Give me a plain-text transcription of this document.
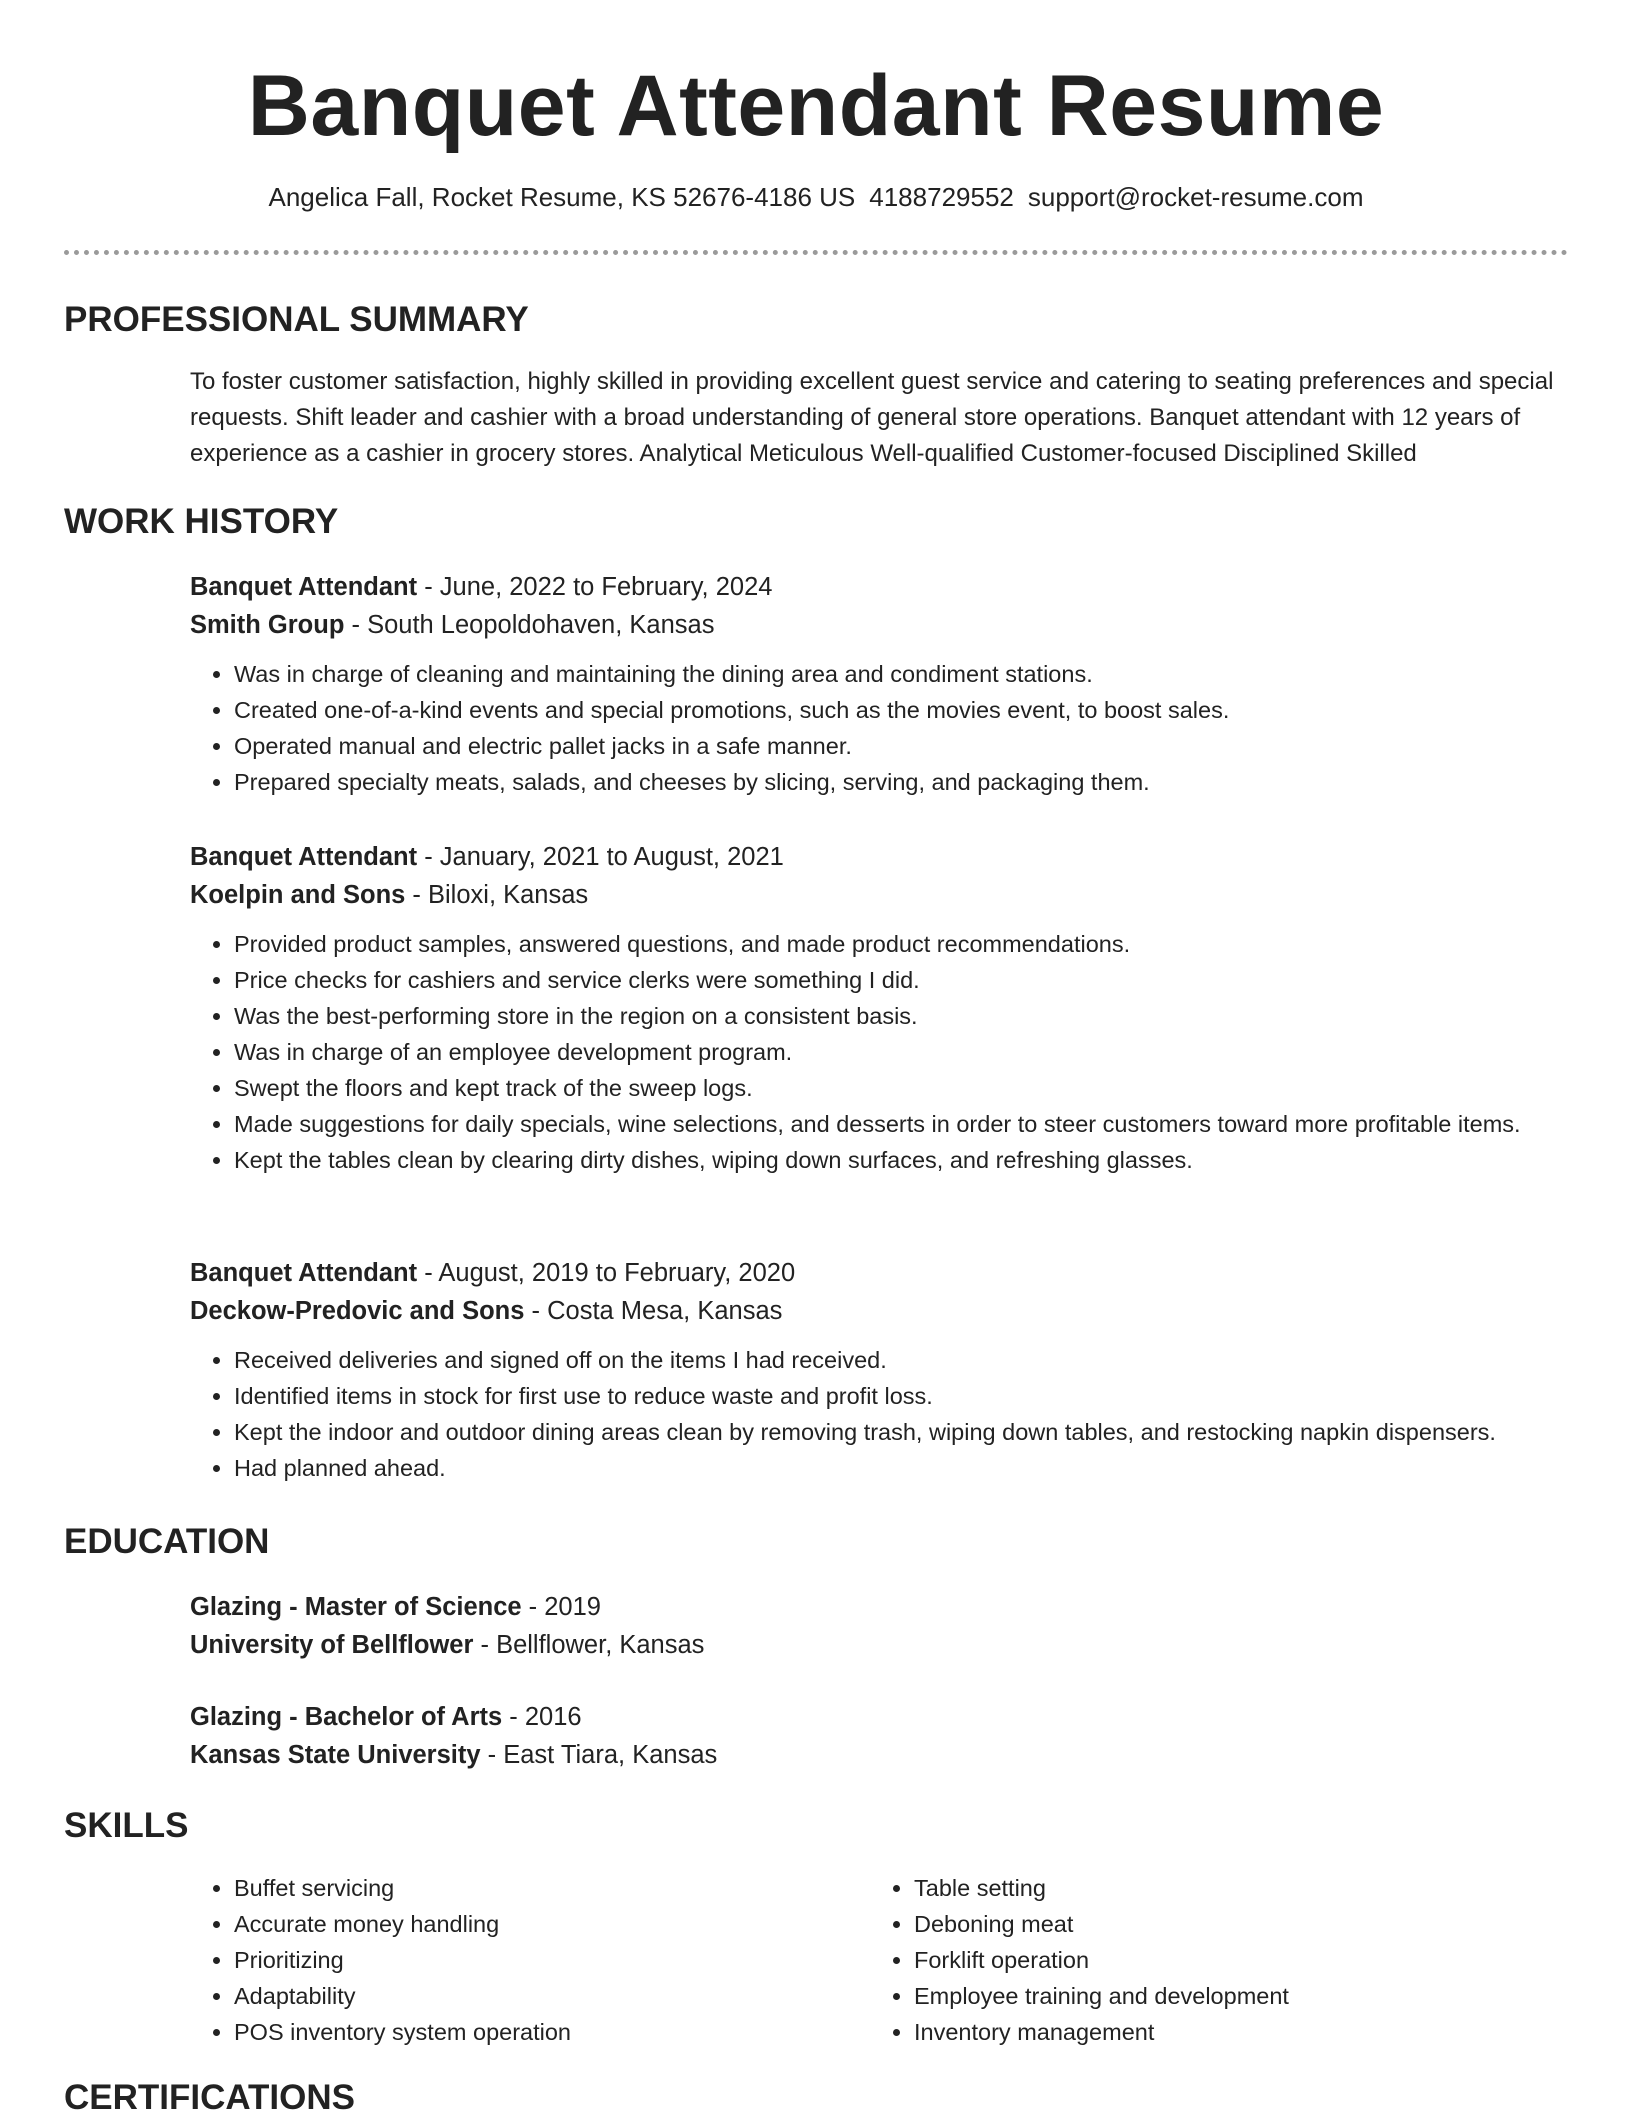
Banquet Attendant Resume
Angelica Fall, Rocket Resume, KS 52676-4186 US 4188729552 support@rocket-resume.com
PROFESSIONAL SUMMARY

To foster customer satisfaction, highly skilled in providing excellent guest service and catering to seating preferences and special requests. Shift leader and cashier with a broad understanding of general store operations. Banquet attendant with 12 years of experience as a cashier in grocery stores. Analytical Meticulous Well-qualified Customer-focused Disciplined Skilled

WORK HISTORY
Banquet Attendant - June, 2022 to February, 2024
Smith Group - South Leopoldohaven, Kansas
• Was in charge of cleaning and maintaining the dining area and condiment stations.
• Created one-of-a-kind events and special promotions, such as the movies event, to boost sales.
• Operated manual and electric pallet jacks in a safe manner.
• Prepared specialty meats, salads, and cheeses by slicing, serving, and packaging them.
Banquet Attendant - January, 2021 to August, 2021
Koelpin and Sons - Biloxi, Kansas
• Provided product samples, answered questions, and made product recommendations.
• Price checks for cashiers and service clerks were something I did.
• Was the best-performing store in the region on a consistent basis.
• Was in charge of an employee development program.
• Swept the floors and kept track of the sweep logs.
• Made suggestions for daily specials, wine selections, and desserts in order to steer customers toward more profitable items.
• Kept the tables clean by clearing dirty dishes, wiping down surfaces, and refreshing glasses.
Banquet Attendant - August, 2019 to February, 2020
Deckow-Predovic and Sons - Costa Mesa, Kansas
• Received deliveries and signed off on the items I had received.
• Identified items in stock for first use to reduce waste and profit loss.
• Kept the indoor and outdoor dining areas clean by removing trash, wiping down tables, and restocking napkin dispensers.
• Had planned ahead.
EDUCATION
Glazing - Master of Science - 2019
University of Bellflower - Bellflower, Kansas
Glazing - Bachelor of Arts - 2016
Kansas State University - East Tiara, Kansas
SKILLS
• Buffet servicing
• Accurate money handling
• Prioritizing
• Adaptability
• POS inventory system operation
• Table setting
• Deboning meat
• Forklift operation
• Employee training and development
• Inventory management
CERTIFICATIONS
